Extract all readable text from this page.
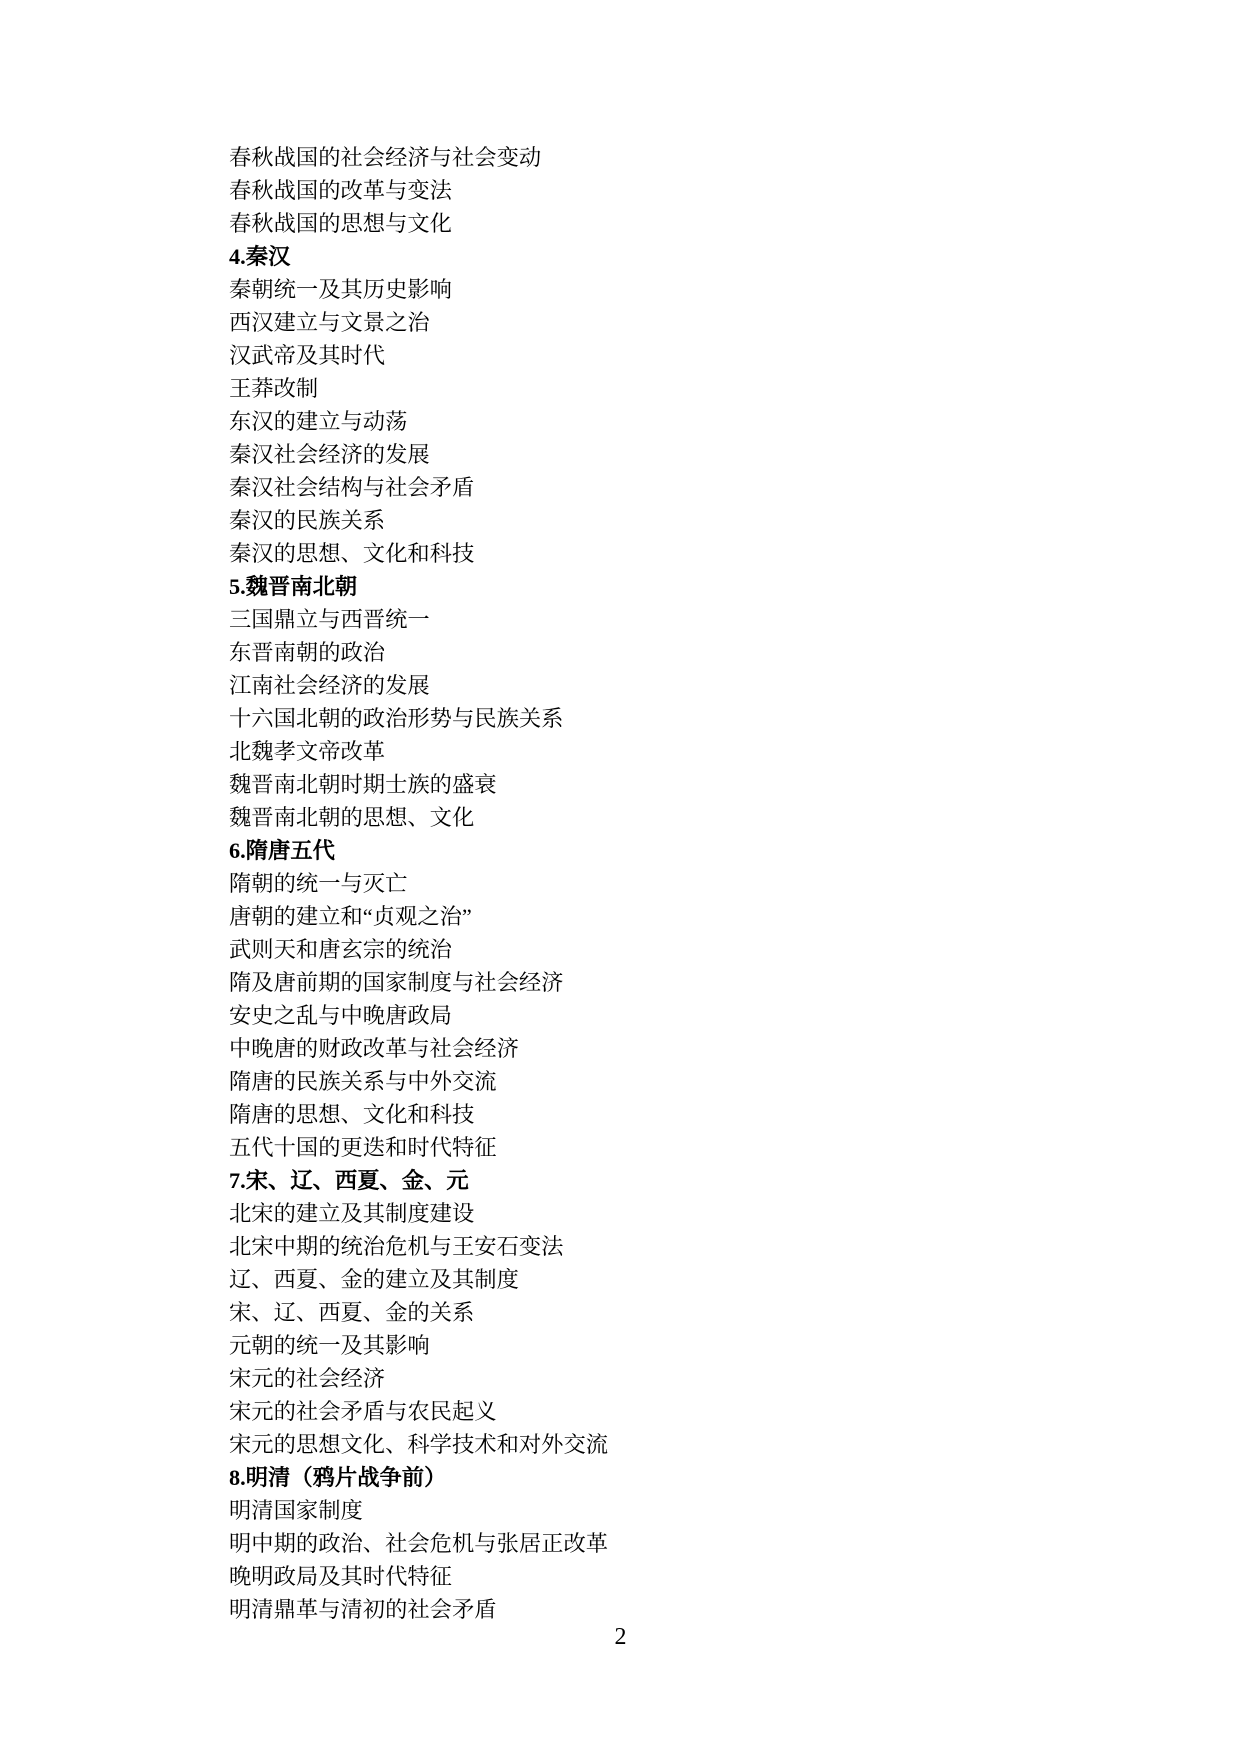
春秋战国的社会经济与社会变动
春秋战国的改革与变法
春秋战国的思想与文化
4.秦汉
秦朝统一及其历史影响
西汉建立与文景之治
汉武帝及其时代
王莽改制
东汉的建立与动荡
秦汉社会经济的发展
秦汉社会结构与社会矛盾
秦汉的民族关系
秦汉的思想、文化和科技
5.魏晋南北朝
三国鼎立与西晋统一
东晋南朝的政治
江南社会经济的发展
十六国北朝的政治形势与民族关系
北魏孝文帝改革
魏晋南北朝时期士族的盛衰
魏晋南北朝的思想、文化
6.隋唐五代
隋朝的统一与灭亡
唐朝的建立和“贞观之治”
武则天和唐玄宗的统治
隋及唐前期的国家制度与社会经济
安史之乱与中晚唐政局
中晚唐的财政改革与社会经济
隋唐的民族关系与中外交流
隋唐的思想、文化和科技
五代十国的更迭和时代特征
7.宋、辽、西夏、金、元
北宋的建立及其制度建设
北宋中期的统治危机与王安石变法
辽、西夏、金的建立及其制度
宋、辽、西夏、金的关系
元朝的统一及其影响
宋元的社会经济
宋元的社会矛盾与农民起义
宋元的思想文化、科学技术和对外交流
8.明清（鸦片战争前）
明清国家制度
明中期的政治、社会危机与张居正改革
晚明政局及其时代特征
明清鼎革与清初的社会矛盾
2
